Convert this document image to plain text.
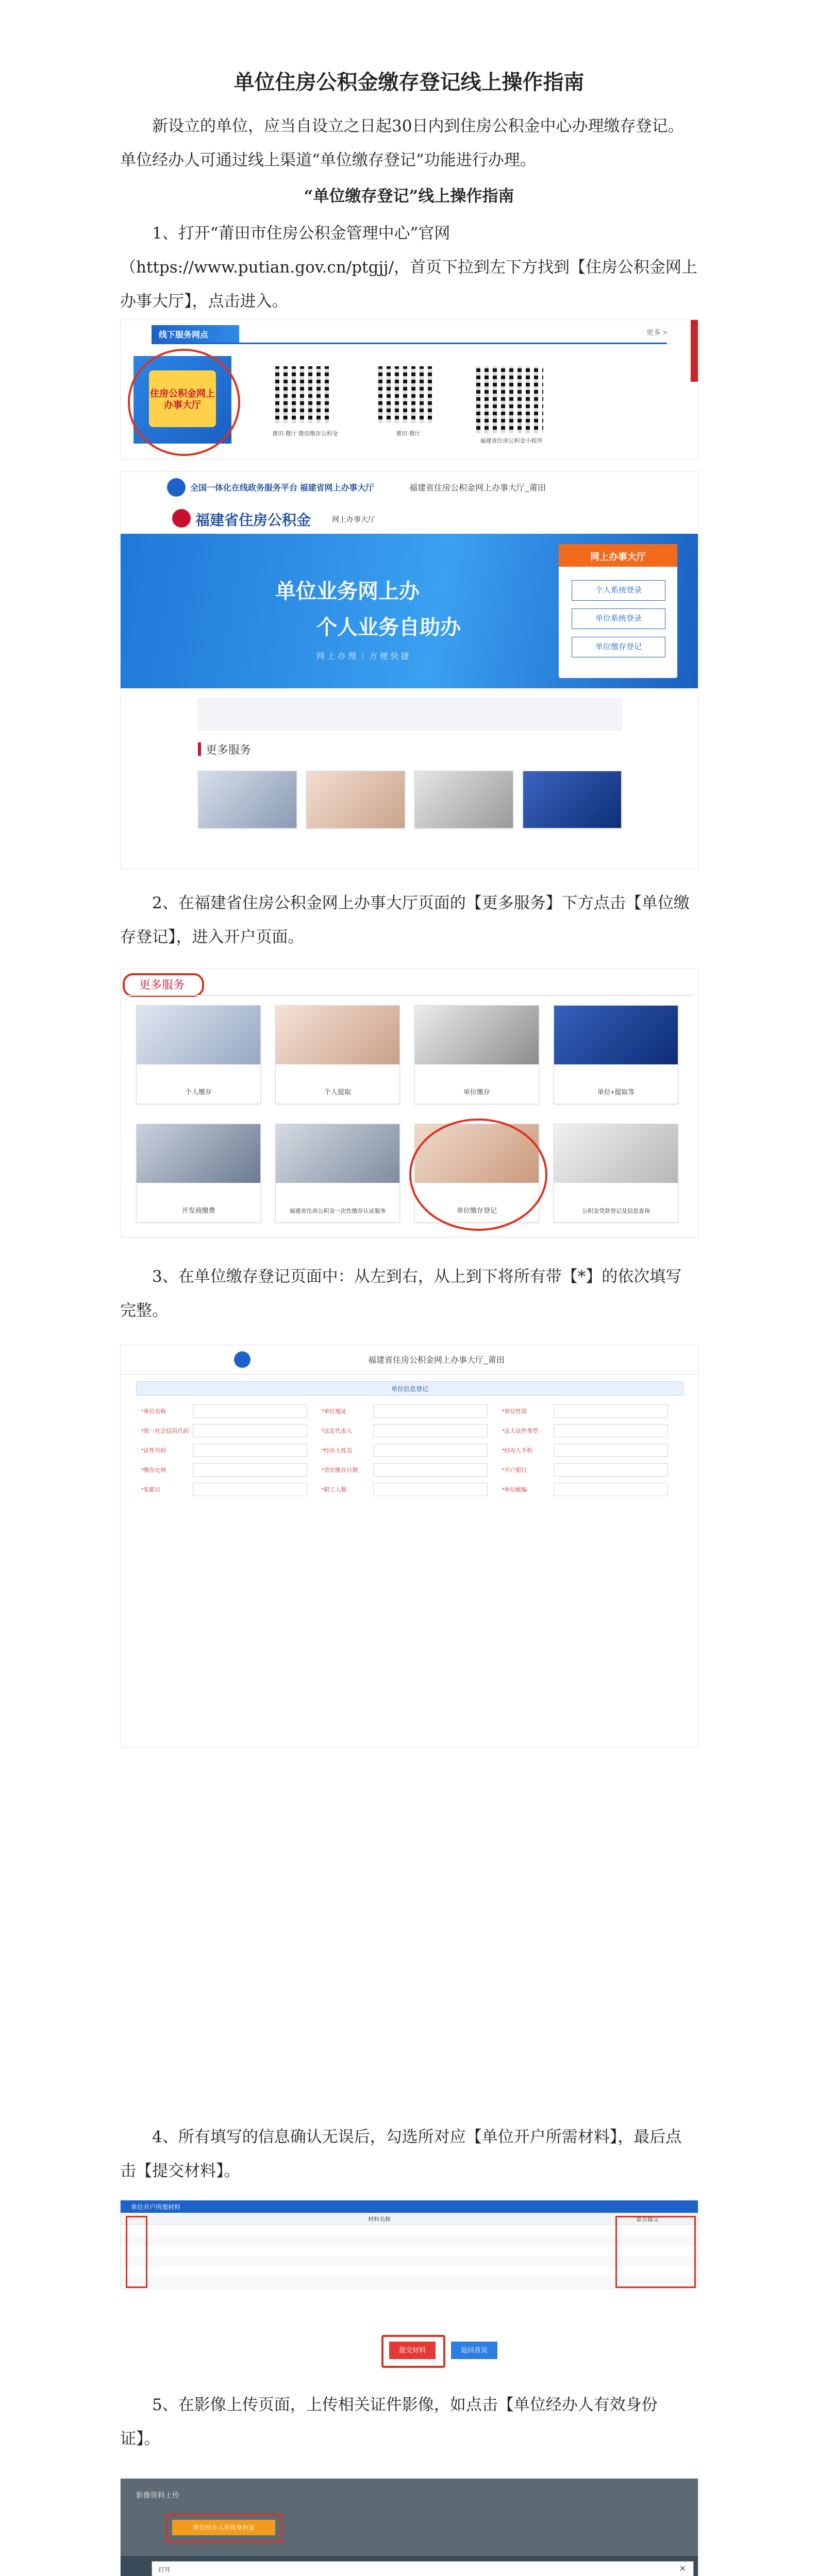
单位住房公积金缴存登记线上操作指南
新设立的单位，应当自设立之日起30日内到住房公积金中心办理缴存登记。单位经办人可通过线上渠道“单位缴存登记”功能进行办理。
“单位缴存登记”线上操作指南
1、打开“莆田市住房公积金管理中心”官网（https://www.putian.gov.cn/ptgjj/，首页下拉到左下方找到【住房公积金网上办事大厅】，点击进入。
线下服务网点	更多 >
住房公积金网上办事大厅
莆田·微厅 微信缴存公积金	莆田·微厅
福建省住房公积金小程序
全国一体化在线政务服务平台 福建省网上办事大厅	福建省住房公积金网上办事大厅_莆田
福建省住房公积金	网上办事大厅
单位业务网上办
个人业务自助办
网 上 办 理 ｜ 方 便 快 捷
网上办事大厅
个人系统登录
单位系统登录
单位缴存登记
更多服务
2、在福建省住房公积金网上办事大厅页面的【更多服务】下方点击【单位缴存登记】，进入开户页面。
更多服务
个人缴存	个人提取	单位缴存	单位+提取等
开发商缴费	福建省住房公积金一次性缴存认证服务	单位缴存登记	公积金贷款登记及信息查询
3、在单位缴存登记页面中：从左到右，从上到下将所有带【*】的依次填写完整。
福建省住房公积金网上办事大厅_莆田
单位信息登记
*单位名称	*单位地址	*单位性质
*统一社会信用代码	*法定代表人	*法人证件类型
*证件号码	*经办人姓名	*经办人手机
*缴存比例	*首次缴存日期	*开户银行
*发薪日	*职工人数	*单位邮编
4、所有填写的信息确认无误后，勾选所对应【单位开户所需材料】，最后点击【提交材料】。
单位开户所需材料
材料名称	是否提交
提交材料	返回首页
5、在影像上传页面，上传相关证件影像，如点击【单位经办人有效身份证】。
影像资料上传
单位经办人有效身份证
打开	✕
